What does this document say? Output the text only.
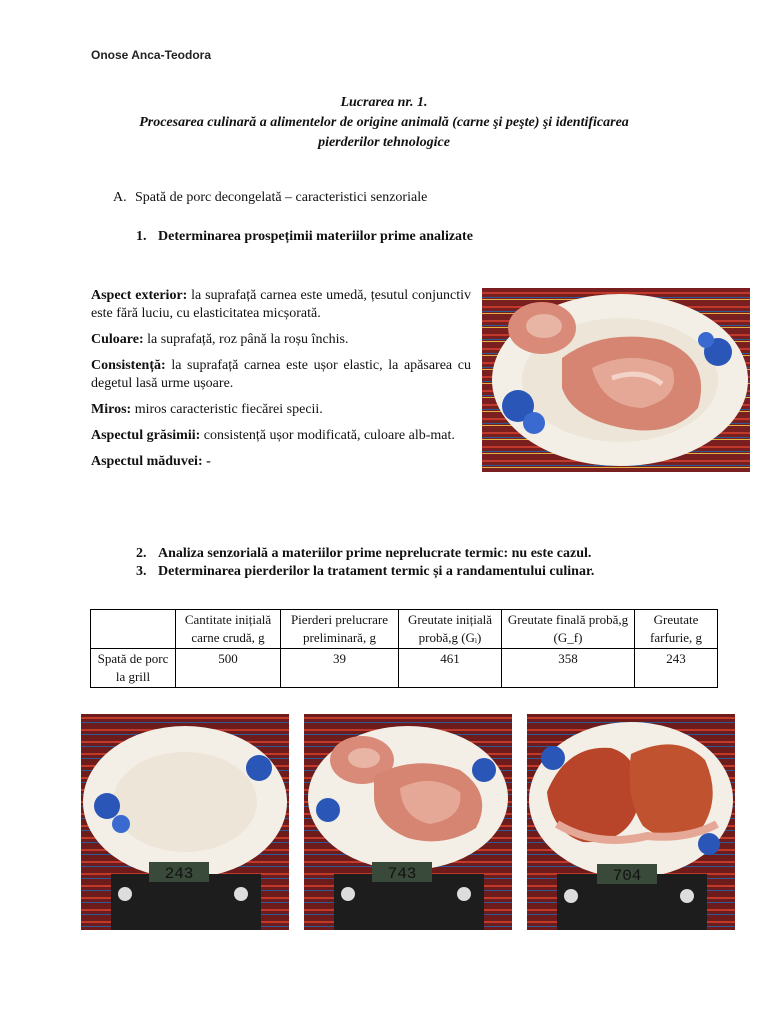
Onose Anca-Teodora
Lucrarea nr. 1.
Procesarea culinară a alimentelor de origine animală (carne şi peşte) şi identificarea
pierderilor tehnologice
A. Spată de porc decongelată – caracteristici senzoriale
1. Determinarea prospețimii materiilor prime analizate

Aspect exterior: la suprafață carnea este umedă, țesutul conjunctiv este fără luciu, cu elasticitatea micșorată.

Culoare: la suprafață, roz până la roșu închis.

Consistență: la suprafață carnea este ușor elastic, la apăsarea cu degetul lasă urme ușoare.

Miros: miros caracteristic fiecărei specii.

Aspectul grăsimii: consistență ușor modificată, culoare alb-mat.

Aspectul măduvei: -

2. Analiza senzorială a materiilor prime neprelucrate termic: nu este cazul.
3. Determinarea pierderilor la tratament termic și a randamentului culinar.
	Cantitate inițială carne crudă, g	Pierderi prelucrare preliminară, g	Greutate inițială probă,g (Gᵢ)	Greutate finală probă,g (G_f)	Greutate farfurie, g
Spată de porc la grill	500	39	461	358	243
243	743	704
